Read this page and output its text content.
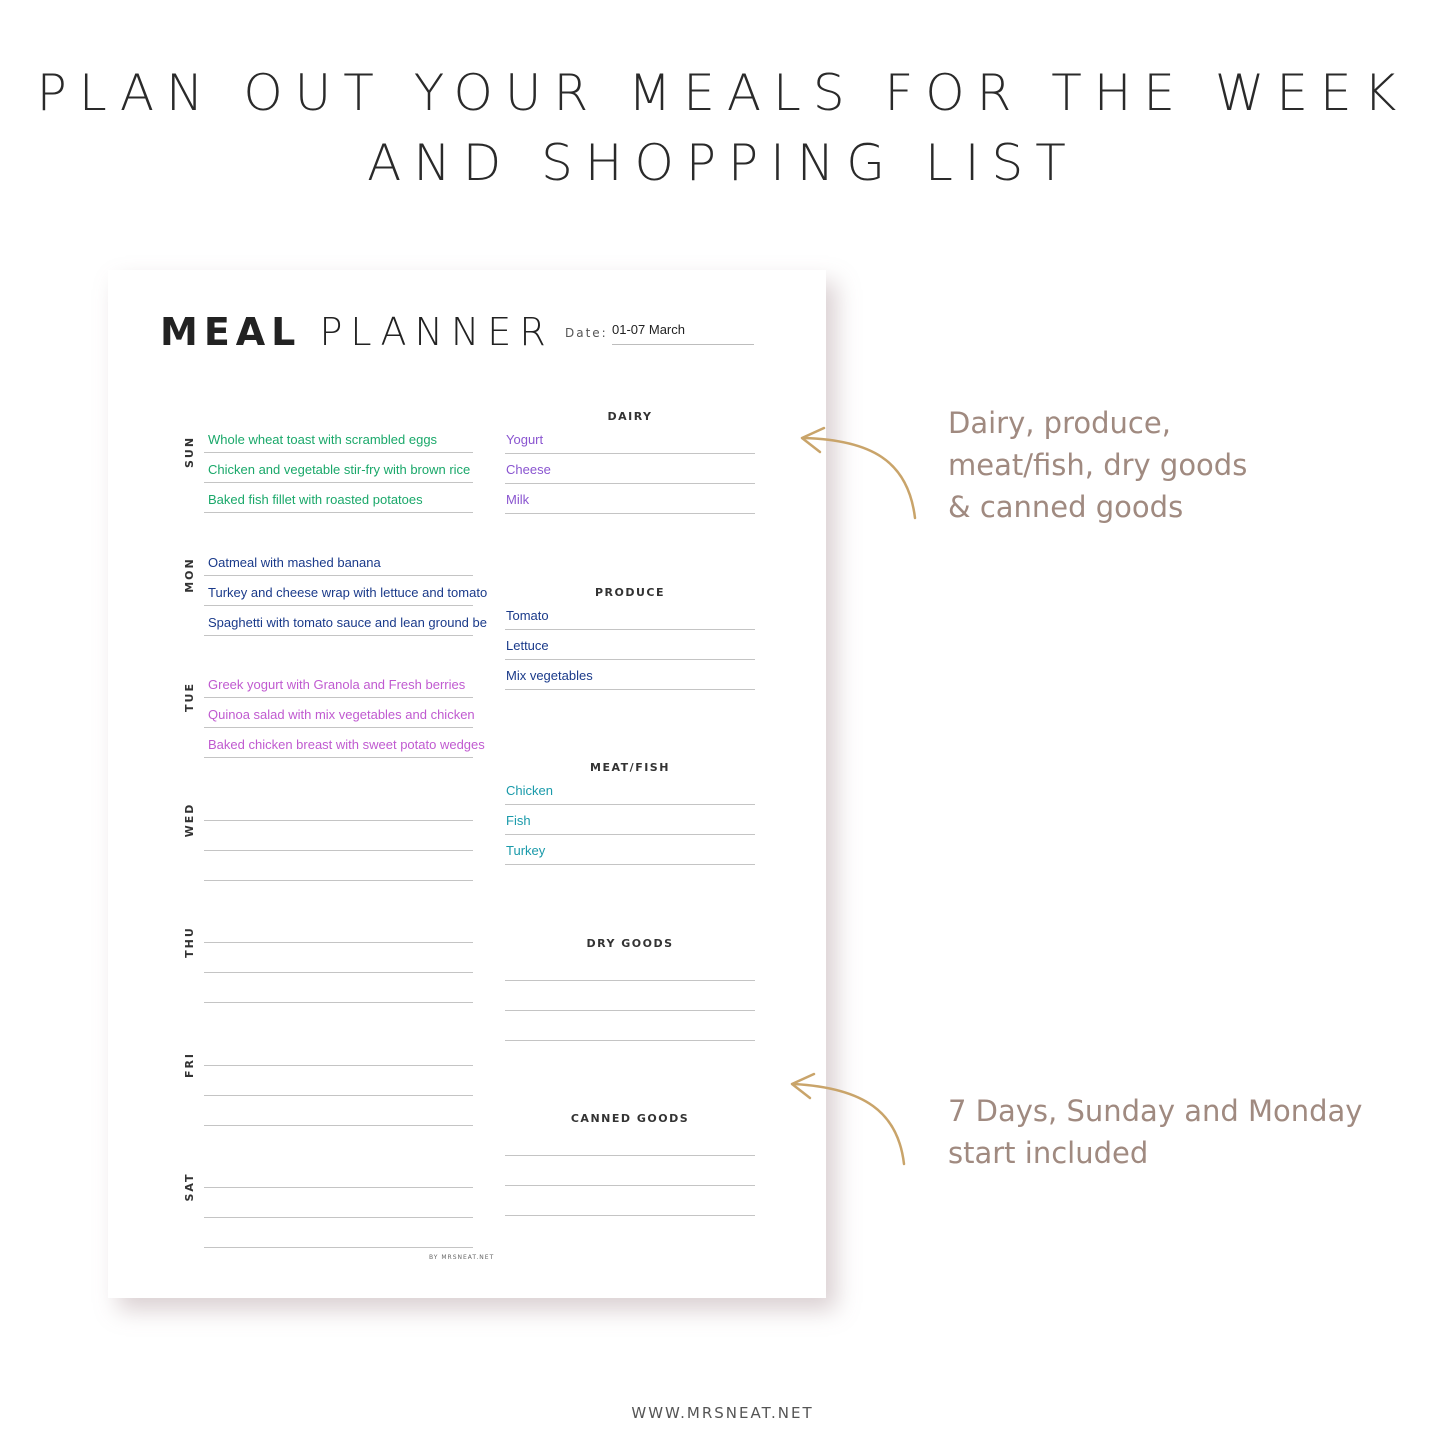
PLAN OUT YOUR MEALS FOR THE WEEK
AND SHOPPING LIST
MEAL PLANNER Date: 01-07 March
BY MRSNEAT.NET
SUN Whole wheat toast with scrambled eggs
Chicken and vegetable stir-fry with brown rice
Baked fish fillet with roasted potatoes
MON Oatmeal with mashed banana
Turkey and cheese wrap with lettuce and tomato
Spaghetti with tomato sauce and lean ground be
TUE Greek yogurt with Granola and Fresh berries
Quinoa salad with mix vegetables and chicken
Baked chicken breast with sweet potato wedges
WED
THU
FRI
SAT
DAIRY
Yogurt
Cheese
Milk
PRODUCE
Tomato
Lettuce
Mix vegetables
MEAT/FISH
Chicken
Fish
Turkey
DRY GOODS
CANNED GOODS
Dairy, produce, meat/fish, dry goods & canned goods
7 Days, Sunday and Monday start included
WWW.MRSNEAT.NET
